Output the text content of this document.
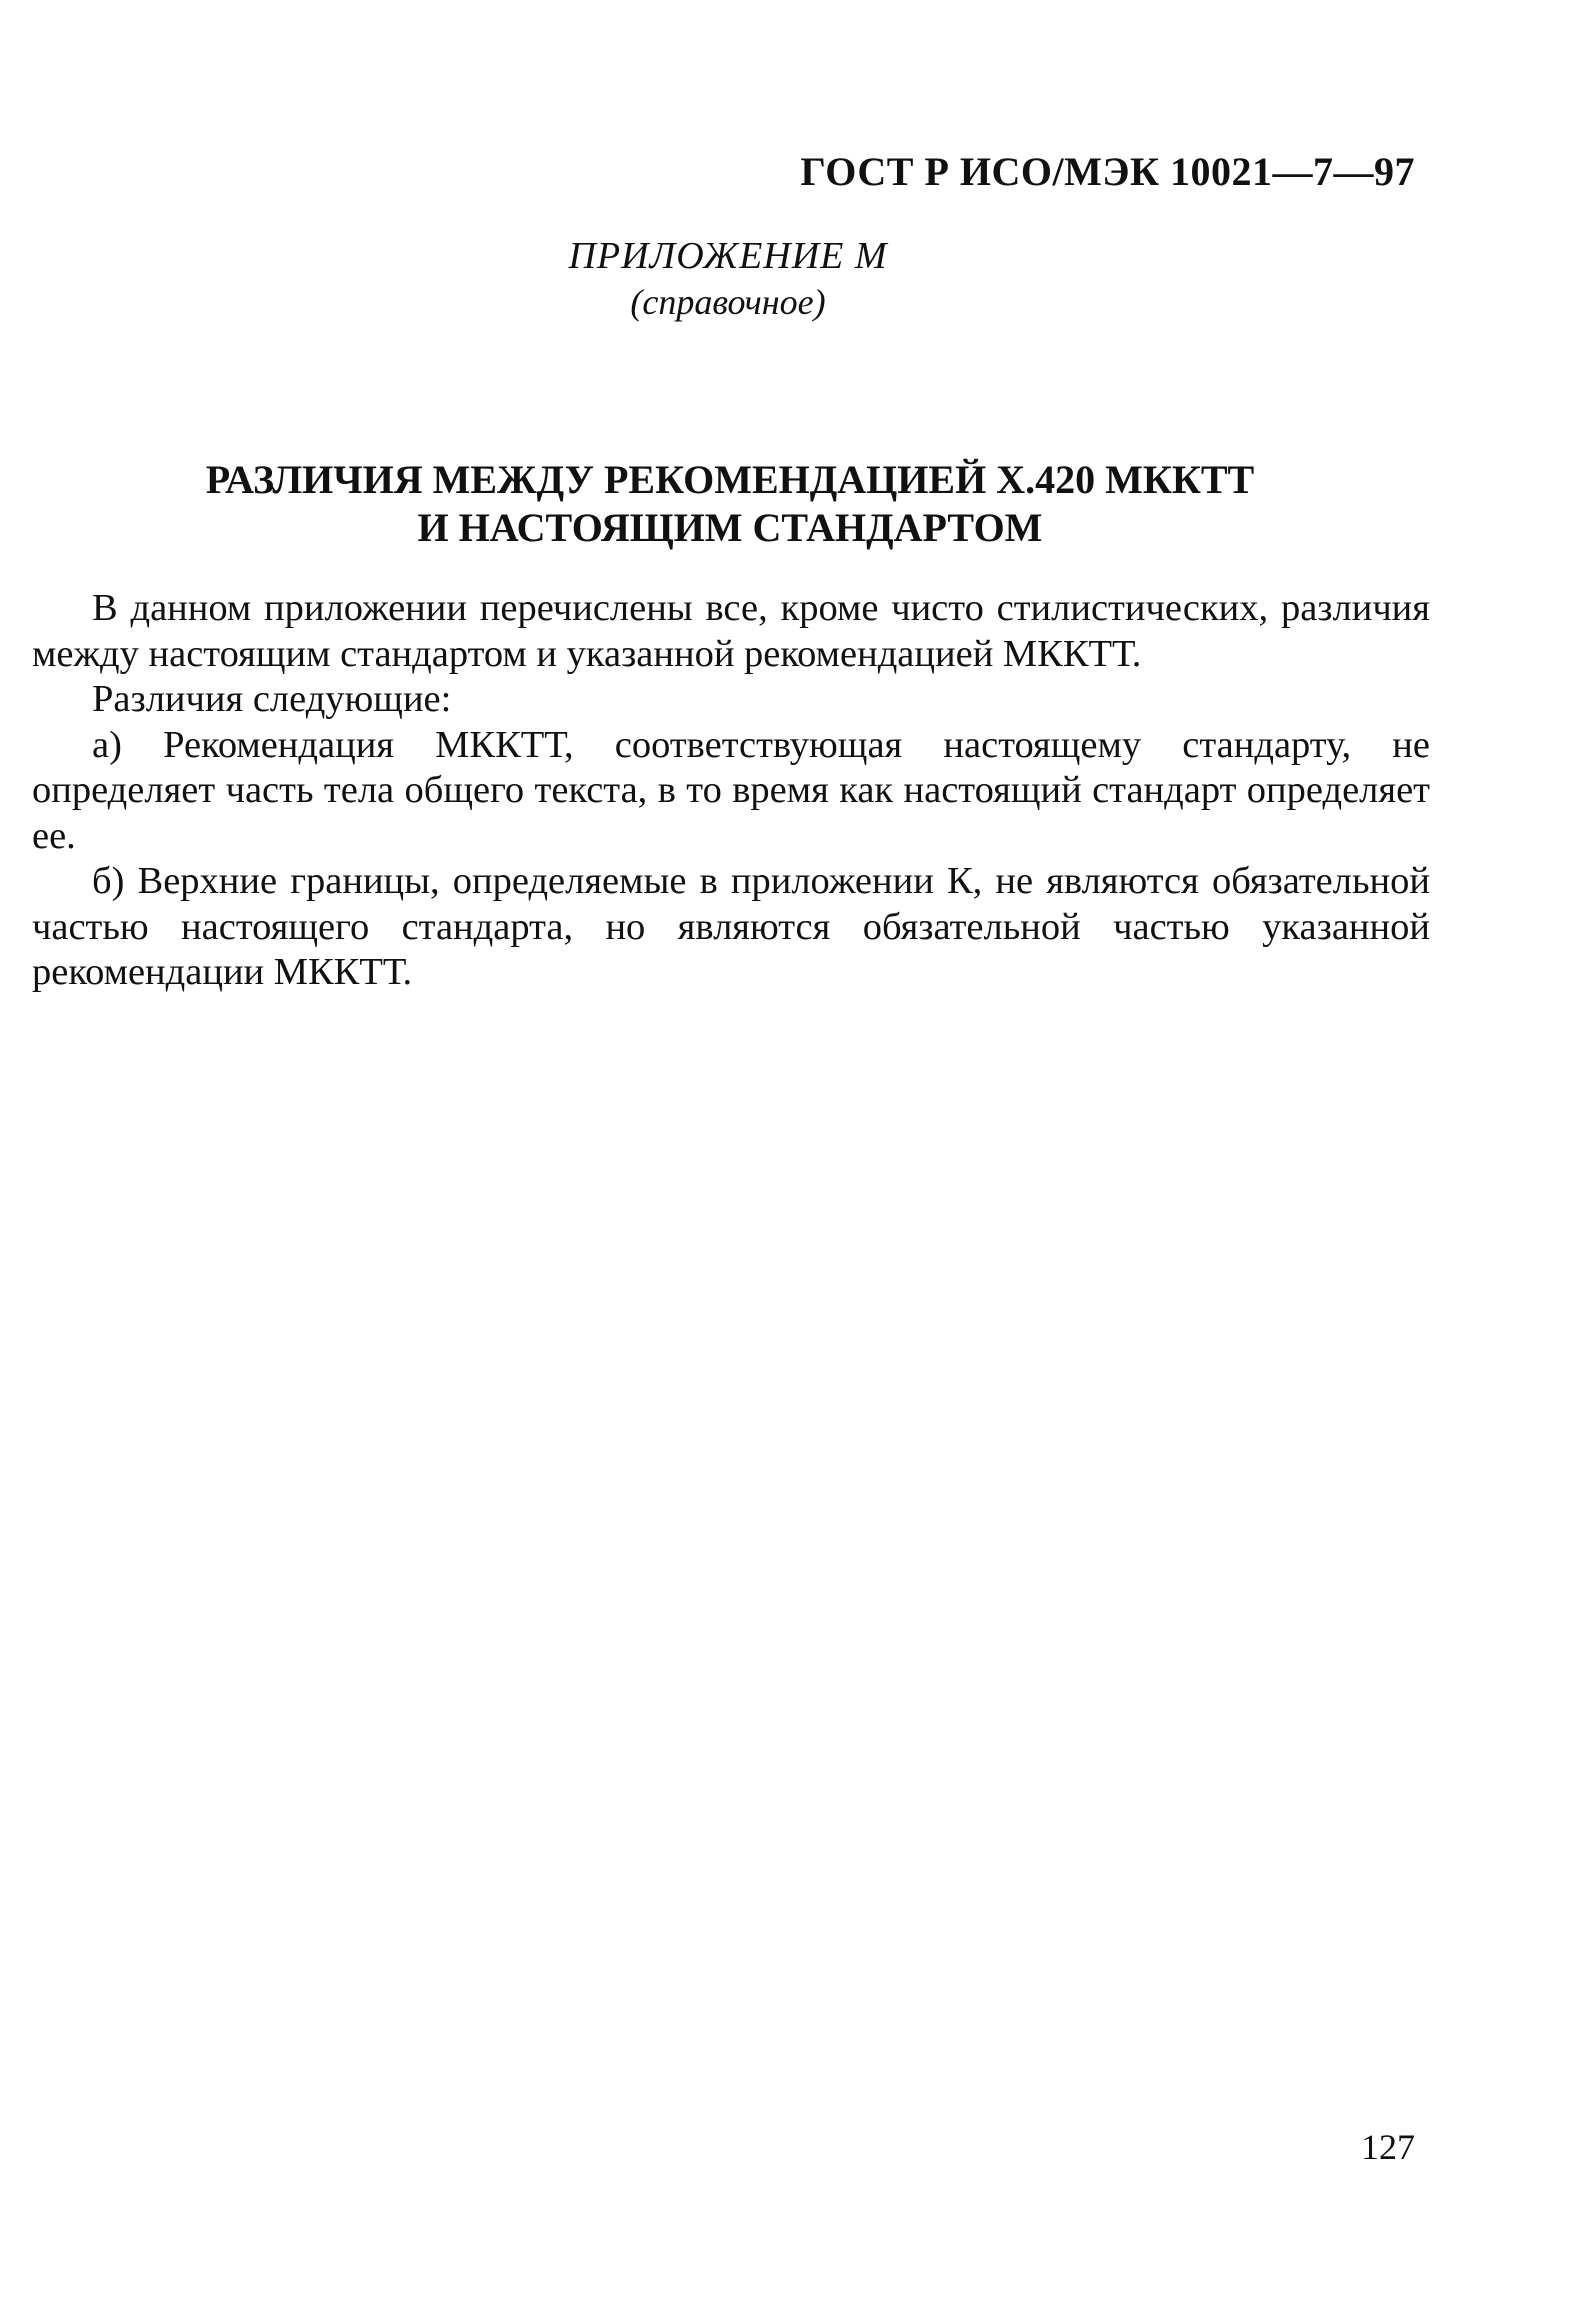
ГОСТ Р ИСО/МЭК 10021—7—97
ПРИЛОЖЕНИЕ М
(справочное)
РАЗЛИЧИЯ МЕЖДУ РЕКОМЕНДАЦИЕЙ Х.420 МККТТ
И НАСТОЯЩИМ СТАНДАРТОМ

В данном приложении перечислены все, кроме чисто стилистических, различия между настоящим стандартом и указанной рекомендацией МККТТ.

Различия следующие:

а) Рекомендация МККТТ, соответствующая настоящему стандарту, не определяет часть тела общего текста, в то время как настоящий стандарт определяет ее.

б) Верхние границы, определяемые в приложении К, не являются обязательной частью настоящего стандарта, но являются обязательной частью указанной рекомендации МККТТ.

127
